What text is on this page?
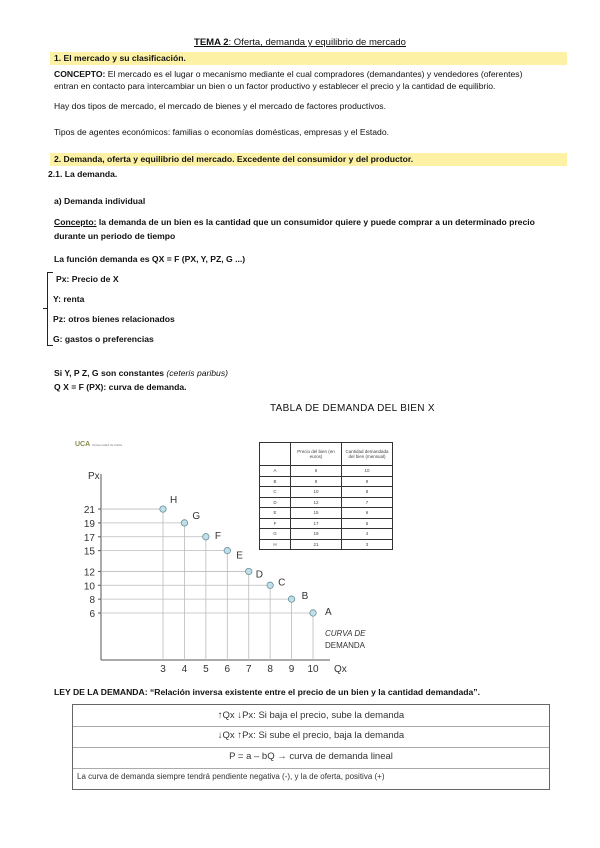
TEMA 2: Oferta, demanda y equilibrio de mercado
1. El mercado y su clasificación.
CONCEPTO: El mercado es el lugar o mecanismo mediante el cual compradores (demandantes) y vendedores (oferentes)
entran en contacto para intercambiar un bien o un factor productivo y establecer el precio y la cantidad de equilibrio.
Hay dos tipos de mercado, el mercado de bienes y el mercado de factores productivos.
Tipos de agentes económicos: familias o economías domésticas, empresas y el Estado.
2. Demanda, oferta y equilibrio del mercado. Excedente del consumidor y del productor.
2.1. La demanda.
a) Demanda individual
Concepto: la demanda de un bien es la cantidad que un consumidor quiere y puede comprar a un determinado precio
durante un periodo de tiempo
La función demanda es QX = F (PX, Y, PZ, G ...)
Px: Precio de X
Y: renta
Pz: otros bienes relacionados
G: gastos o preferencias
Si Y, P Z, G son constantes (ceteris paribus)
Q X = F (PX): curva de demanda.
TABLA DE DEMANDA DEL BIEN X
UCA Universidad de Cádiz
	Precio del bien (en euros)	Cantidad demandada del bien (mensual)
A	6	10
B	8	9
C	10	8
D	12	7
E	15	6
F	17	5
G	19	4
H	21	3
Px
Qx
6
8
10
12
15
17
19
21
3 4 5 6 7 8 9 10
A
B
C
D
E
F
G
H
CURVA DE
DEMANDA
LEY DE LA DEMANDA: “Relación inversa existente entre el precio de un bien y la cantidad demandada”.
↑Qx ↓Px: Si baja el precio, sube la demanda
↓Qx ↑Px: Si sube el precio, baja la demanda
P = a – bQ → curva de demanda lineal
La curva de demanda siempre tendrá pendiente negativa (-), y la de oferta, positiva (+)
